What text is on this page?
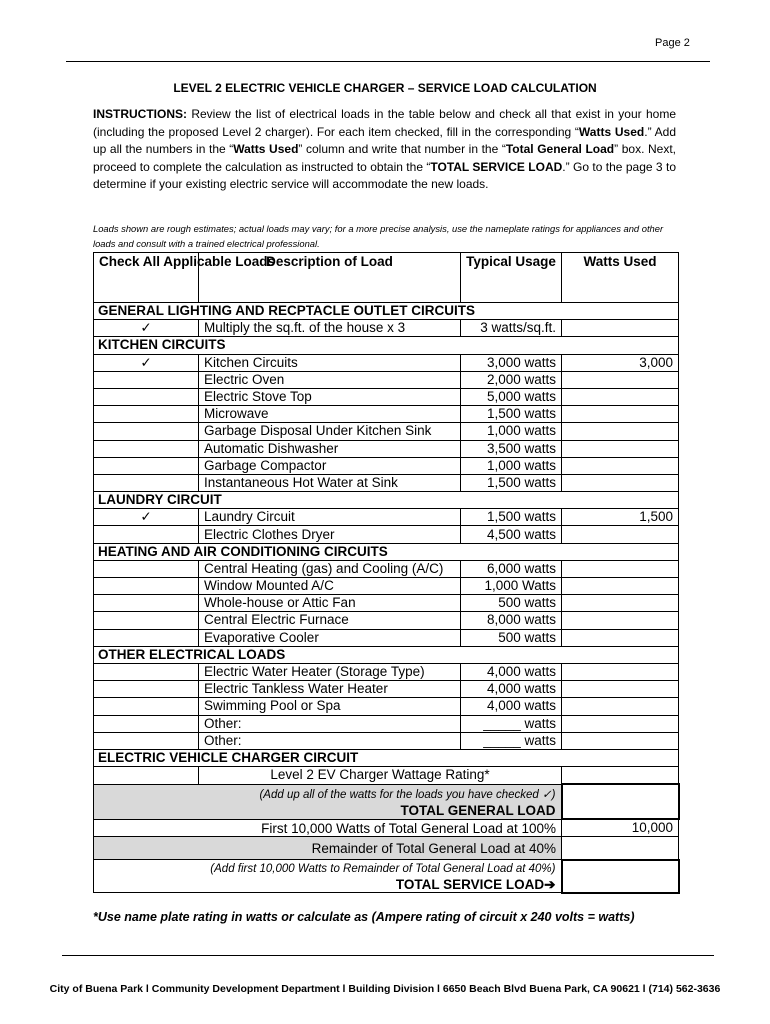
Page 2
LEVEL 2 ELECTRIC VEHICLE CHARGER – SERVICE LOAD CALCULATION
INSTRUCTIONS: Review the list of electrical loads in the table below and check all that exist in your home (including the proposed Level 2 charger). For each item checked, fill in the corresponding “Watts Used.” Add up all the numbers in the “Watts Used” column and write that number in the “Total General Load” box. Next, proceed to complete the calculation as instructed to obtain the “TOTAL SERVICE LOAD.” Go to the page 3 to determine if your existing electric service will accommodate the new loads.
Loads shown are rough estimates; actual loads may vary; for a more precise analysis, use the nameplate ratings for appliances and other loads and consult with a trained electrical professional.
Check All Applicable Loads	Description of Load	Typical Usage	Watts Used
GENERAL LIGHTING AND RECPTACLE OUTLET CIRCUITS			
✓	Multiply the sq.ft. of the house x 3	3 watts/sq.ft.	
KITCHEN CIRCUITS			
✓	Kitchen Circuits	3,000 watts	3,000
	Electric Oven	2,000 watts	
	Electric Stove Top	5,000 watts	
	Microwave	1,500 watts	
	Garbage Disposal Under Kitchen Sink	1,000 watts	
	Automatic Dishwasher	3,500 watts	
	Garbage Compactor	1,000 watts	
	Instantaneous Hot Water at Sink	1,500 watts	
LAUNDRY CIRCUIT			
✓	Laundry Circuit	1,500 watts	1,500
	Electric Clothes Dryer	4,500 watts	
HEATING AND AIR CONDITIONING CIRCUITS			
	Central Heating (gas) and Cooling (A/C)	6,000 watts	
	Window Mounted A/C	1,000 Watts	
	Whole-house or Attic Fan	500 watts	
	Central Electric Furnace	8,000 watts	
	Evaporative Cooler	500 watts	
OTHER ELECTRICAL LOADS			
	Electric Water Heater (Storage Type)	4,000 watts	
	Electric Tankless Water Heater	4,000 watts	
	Swimming Pool or Spa	4,000 watts	
	Other:	_____ watts	
	Other:	_____ watts	
ELECTRIC VEHICLE CHARGER CIRCUIT			
	Level 2 EV Charger Wattage Rating*		
(Add up all of the watts for the loads you have checked ✓)
TOTAL GENERAL LOAD			
First 10,000 Watts of Total General Load at 100%			10,000
Remainder of Total General Load at 40%			
(Add first 10,000 Watts to Remainder of Total General Load at 40%)
TOTAL SERVICE LOAD➔			
*Use name plate rating in watts or calculate as (Ampere rating of circuit x 240 volts = watts)
City of Buena Park l Community Development Department l Building Division l 6650 Beach Blvd Buena Park, CA 90621 l (714) 562-3636
